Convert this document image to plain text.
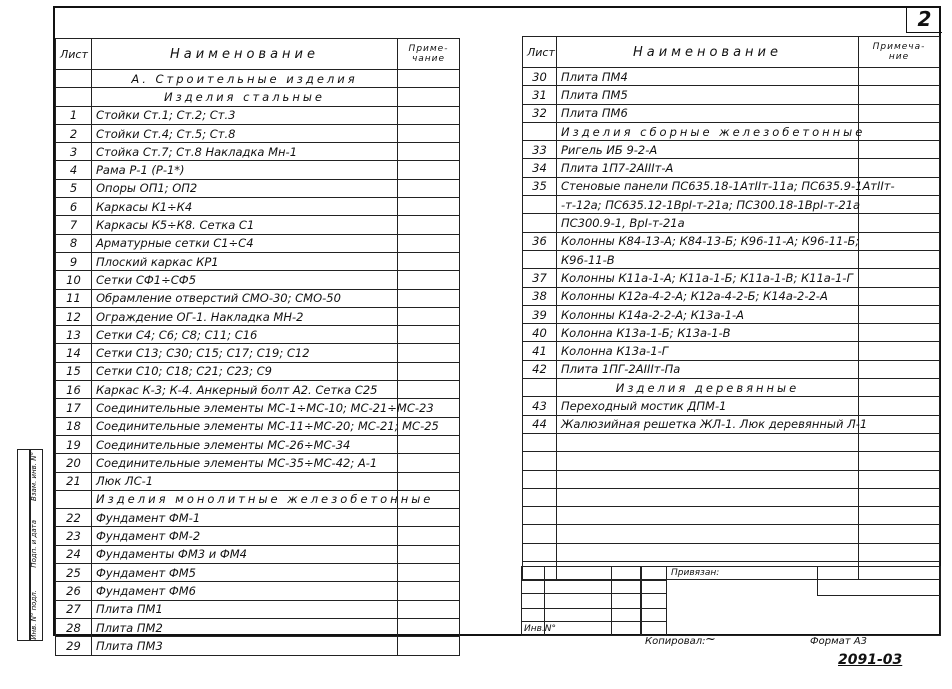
2
Лист	Наименование	Приме- чание
	А. Строительные изделия	
	Изделия стальные	
1	Стойки Ст.1; Ст.2; Ст.3	
2	Стойки Ст.4; Ст.5; Ст.8	
3	Стойка Ст.7; Ст.8 Накладка Мн-1	
4	Рама Р-1 (Р-1*)	
5	Опоры ОП1; ОП2	
6	Каркасы К1÷К4	
7	Каркасы К5÷К8. Сетка С1	
8	Арматурные сетки С1÷С4	
9	Плоский каркас КР1	
10	Сетки СФ1÷СФ5	
11	Обрамление отверстий СМО-30; СМО-50	
12	Ограждение ОГ-1. Накладка МН-2	
13	Сетки С4; С6; С8; С11; С16	
14	Сетки С13; С30; С15; С17; С19; С12	
15	Сетки С10; С18; С21; С23; С9	
16	Каркас К-3; К-4. Анкерный болт А2. Сетка С25	
17	Соединительные элементы МС-1÷МС-10; МС-21÷МС-23	
18	Соединительные элементы МС-11÷МС-20; МС-21; МС-25	
19	Соединительные элементы МС-26÷МС-34	
20	Соединительные элементы МС-35÷МС-42; А-1	
21	Люк ЛС-1	
	Изделия монолитные железобетонные	
22	Фундамент ФМ-1	
23	Фундамент ФМ-2	
24	Фундаменты ФМ3 и ФМ4	
25	Фундамент ФМ5	
26	Фундамент ФМ6	
27	Плита ПМ1	
28	Плита ПМ2	
29	Плита ПМ3	
Лист	Наименование	Примеча- ние
30	Плита ПМ4	
31	Плита ПМ5	
32	Плита ПМ6	
	Изделия сборные железобетонные	
33	Ригель ИБ 9-2-А	
34	Плита 1П7-2АIIIт-А	
35	Стеновые панели ПС635.18-1АтIIт-11а; ПС635.9-1АтIIт-	
	-т-12а; ПС635.12-1ВрI-т-21а; ПС300.18-1ВрI-т-21а	
	ПС300.9-1, ВрI-т-21а	
36	Колонны К84-13-А; К84-13-Б; К96-11-А; К96-11-Б;	
	К96-11-В	
37	Колонны К11а-1-А; К11а-1-Б; К11а-1-В; К11а-1-Г	
38	Колонны К12а-4-2-А; К12а-4-2-Б; К14а-2-2-А	
39	Колонны К14а-2-2-А; К13а-1-А	
40	Колонна К13а-1-Б; К13а-1-В	
41	Колонна К13а-1-Г	
42	Плита 1ПГ-2АIIIт-Па	
	Изделия деревянные	
43	Переходный мостик ДПМ-1	
44	Жалюзийная решетка ЖЛ-1. Люк деревянный Л-1	

Привязан:
Инв.N°
Инв. N° подл.
Подп. и дата
Взам. инв. N°
Копировал: ~	Формат А3
2091-03
